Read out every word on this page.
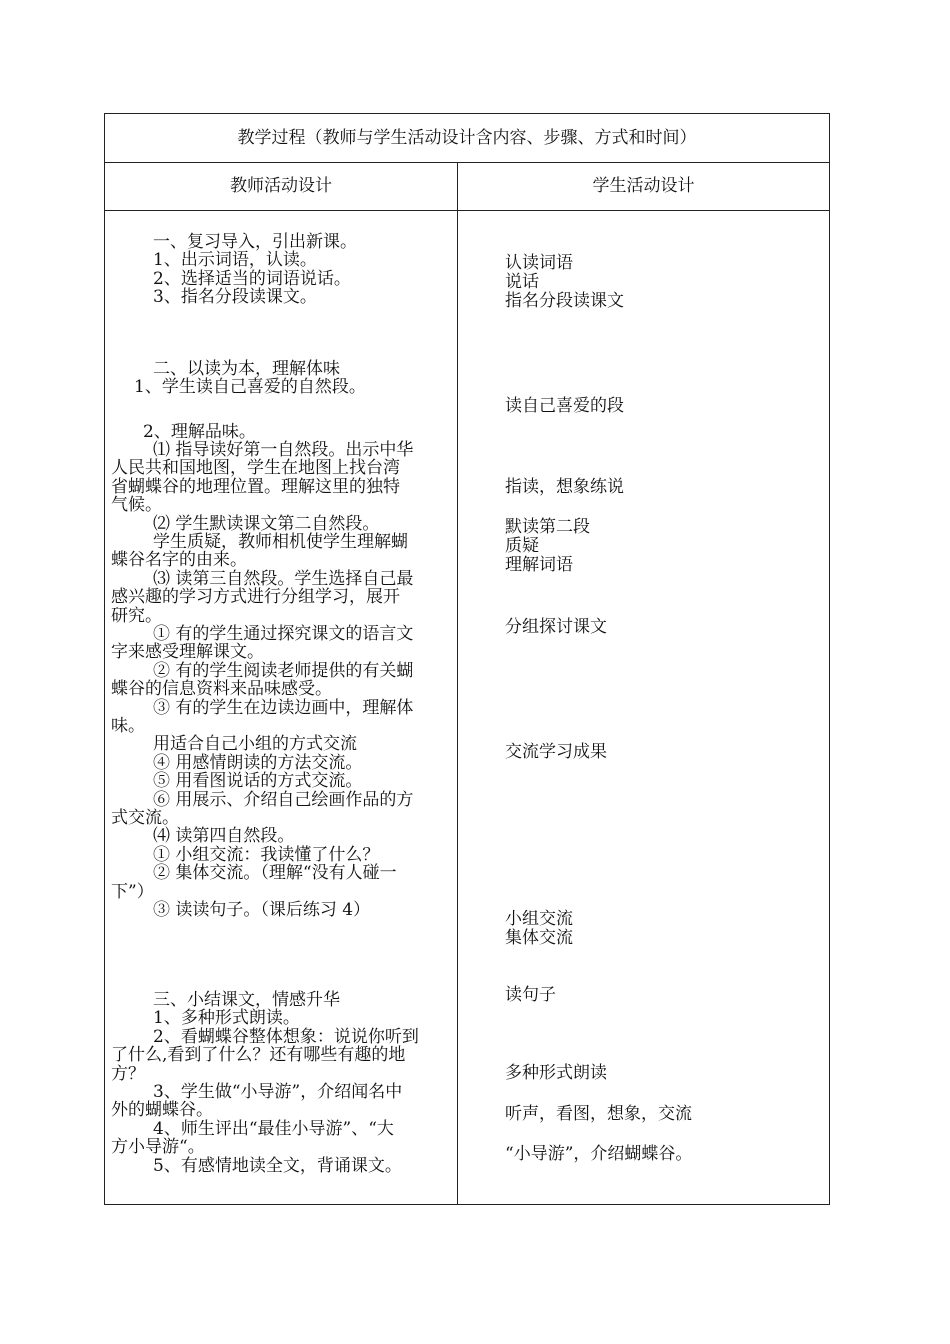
教学过程（教师与学生活动设计含内容、步骤、方式和时间）
教师活动设计	学生活动设计
一、复习导入，引出新课。
1、出示词语，认读。
2、选择适当的词语说话。
3、指名分段读课文。
二、以读为本，理解体味
1、学生读自己喜爱的自然段。
2、理解品味。
⑴ 指导读好第一自然段。出示中华
人民共和国地图，学生在地图上找台湾
省蝴蝶谷的地理位置。理解这里的独特
气候。
⑵ 学生默读课文第二自然段。
学生质疑，教师相机使学生理解蝴
蝶谷名字的由来。
⑶ 读第三自然段。学生选择自己最
感兴趣的学习方式进行分组学习，展开
研究。
① 有的学生通过探究课文的语言文
字来感受理解课文。
② 有的学生阅读老师提供的有关蝴
蝶谷的信息资料来品味感受。
③ 有的学生在边读边画中，理解体
味。
用适合自己小组的方式交流
④ 用感情朗读的方法交流。
⑤ 用看图说话的方式交流。
⑥ 用展示、介绍自己绘画作品的方
式交流。
⑷ 读第四自然段。
① 小组交流：我读懂了什么？
② 集体交流。（理解“没有人碰一
下”）
③ 读读句子。（课后练习 4）
三、小结课文，情感升华
1、多种形式朗读。
2、看蝴蝶谷整体想象：说说你听到
了什么,看到了什么？还有哪些有趣的地
方？
3、学生做“小导游”，介绍闻名中
外的蝴蝶谷。
4、师生评出“最佳小导游”、“大
方小导游“。
5、有感情地读全文，背诵课文。
认读词语
说话
指名分段读课文
读自己喜爱的段
指读，想象练说
默读第二段
质疑
理解词语
分组探讨课文
交流学习成果
小组交流
集体交流
读句子
多种形式朗读
听声，看图，想象，交流
“小导游”，介绍蝴蝶谷。
